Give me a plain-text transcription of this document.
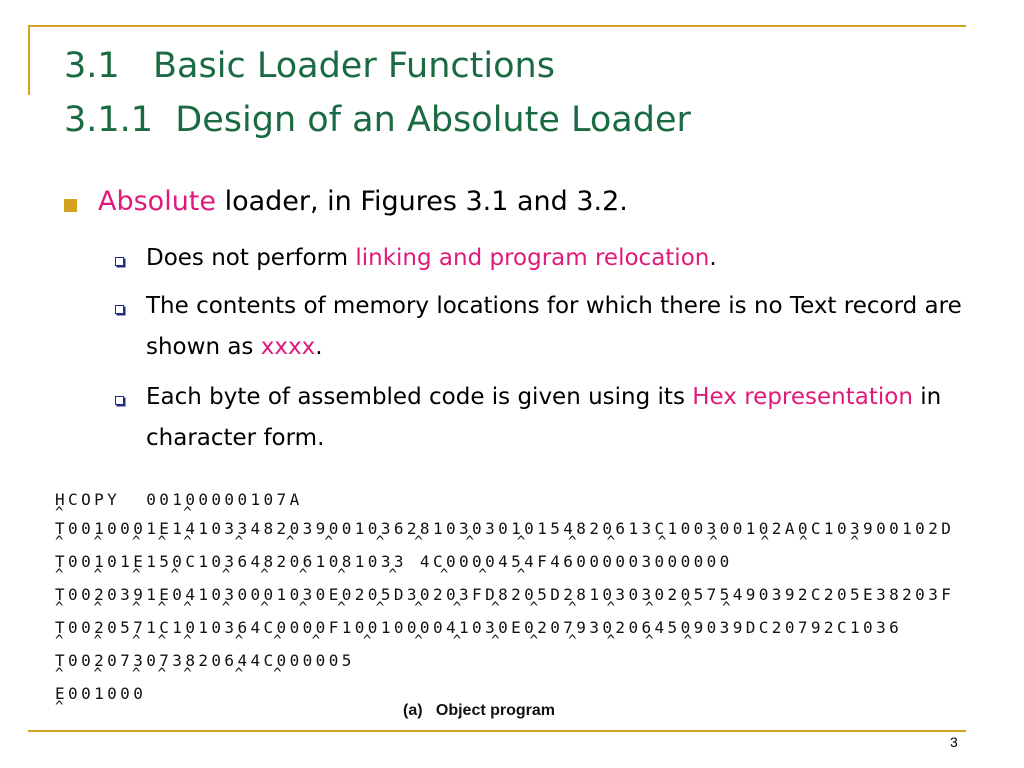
3.1   Basic Loader Functions
3.1.1  Design of an Absolute Loader
Absolute loader, in Figures 3.1 and 3.2.
Does not perform linking and program relocation.
The contents of memory locations for which there is no Text record are shown as xxxx.
Each byte of assembled code is given using its Hex representation in character form.
HCOPY  00100000107A
^         ^
T0010001E1410334820390010362810303010154820613C100300102A0C103900102D
^  ^  ^ ^ ^   ^   ^  ^   ^  ^   ^   ^   ^  ^   ^   ^   ^  ^   ^
T00101E150C1036482061081033 4C0000454F46000003000000
^  ^  ^  ^   ^  ^  ^  ^   ^   ^  ^  ^
T0020391E041030001030E0205D30203FD8205D2810303020575490392C205E38203F
^  ^  ^ ^ ^  ^  ^  ^  ^  ^  ^  ^  ^  ^  ^  ^  ^  ^  ^
T0020571C1010364C0000F1001000041030E02079302064509039DC20792C1036
^  ^  ^ ^ ^   ^  ^  ^   ^   ^  ^  ^  ^  ^  ^  ^  ^
T002073073820644C000005
^  ^  ^ ^ ^   ^  ^
E001000
^	(a)   Object program
3
